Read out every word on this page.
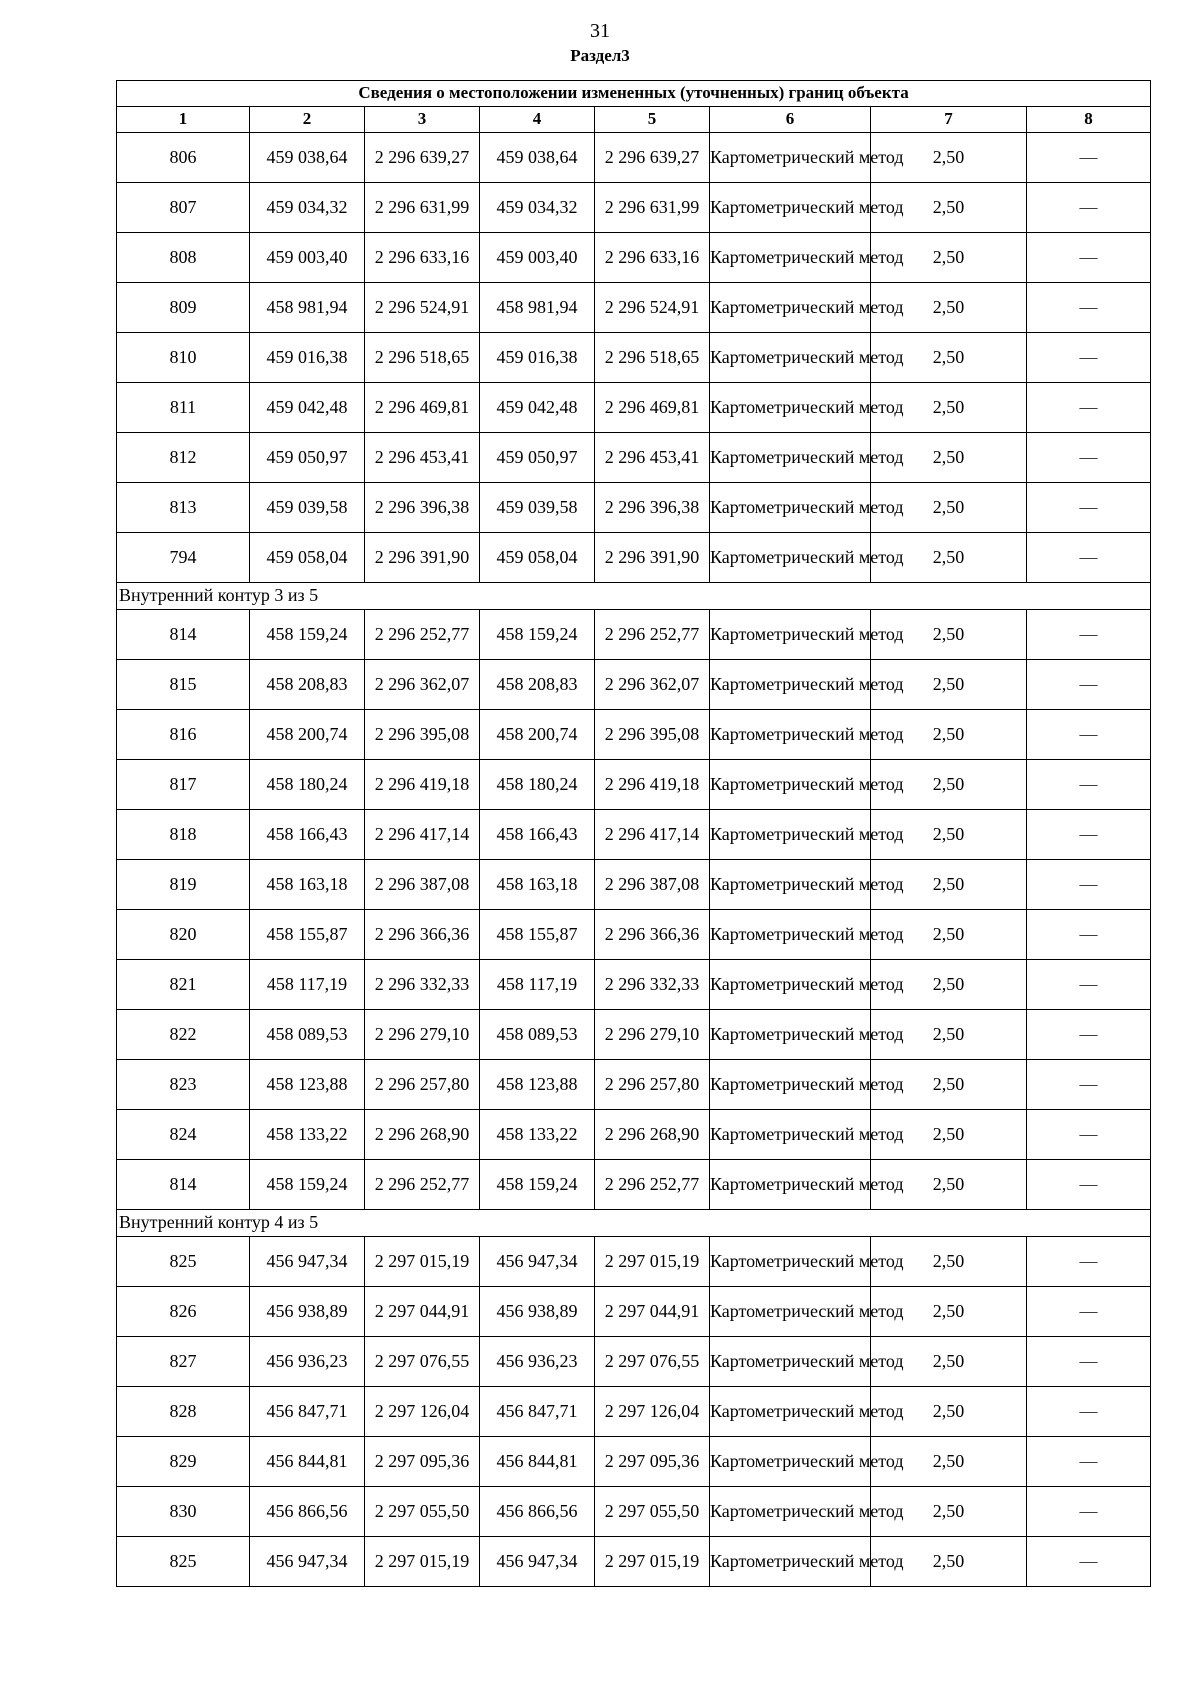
31
Раздел3
Сведения о местоположении измененных (уточненных) границ объекта							
1	2	3	4	5	6	7	8
806	459 038,64	2 296 639,27	459 038,64	2 296 639,27	Картометрический метод	2,50	—
807	459 034,32	2 296 631,99	459 034,32	2 296 631,99	Картометрический метод	2,50	—
808	459 003,40	2 296 633,16	459 003,40	2 296 633,16	Картометрический метод	2,50	—
809	458 981,94	2 296 524,91	458 981,94	2 296 524,91	Картометрический метод	2,50	—
810	459 016,38	2 296 518,65	459 016,38	2 296 518,65	Картометрический метод	2,50	—
811	459 042,48	2 296 469,81	459 042,48	2 296 469,81	Картометрический метод	2,50	—
812	459 050,97	2 296 453,41	459 050,97	2 296 453,41	Картометрический метод	2,50	—
813	459 039,58	2 296 396,38	459 039,58	2 296 396,38	Картометрический метод	2,50	—
794	459 058,04	2 296 391,90	459 058,04	2 296 391,90	Картометрический метод	2,50	—
Внутренний контур 3 из 5							
814	458 159,24	2 296 252,77	458 159,24	2 296 252,77	Картометрический метод	2,50	—
815	458 208,83	2 296 362,07	458 208,83	2 296 362,07	Картометрический метод	2,50	—
816	458 200,74	2 296 395,08	458 200,74	2 296 395,08	Картометрический метод	2,50	—
817	458 180,24	2 296 419,18	458 180,24	2 296 419,18	Картометрический метод	2,50	—
818	458 166,43	2 296 417,14	458 166,43	2 296 417,14	Картометрический метод	2,50	—
819	458 163,18	2 296 387,08	458 163,18	2 296 387,08	Картометрический метод	2,50	—
820	458 155,87	2 296 366,36	458 155,87	2 296 366,36	Картометрический метод	2,50	—
821	458 117,19	2 296 332,33	458 117,19	2 296 332,33	Картометрический метод	2,50	—
822	458 089,53	2 296 279,10	458 089,53	2 296 279,10	Картометрический метод	2,50	—
823	458 123,88	2 296 257,80	458 123,88	2 296 257,80	Картометрический метод	2,50	—
824	458 133,22	2 296 268,90	458 133,22	2 296 268,90	Картометрический метод	2,50	—
814	458 159,24	2 296 252,77	458 159,24	2 296 252,77	Картометрический метод	2,50	—
Внутренний контур 4 из 5							
825	456 947,34	2 297 015,19	456 947,34	2 297 015,19	Картометрический метод	2,50	—
826	456 938,89	2 297 044,91	456 938,89	2 297 044,91	Картометрический метод	2,50	—
827	456 936,23	2 297 076,55	456 936,23	2 297 076,55	Картометрический метод	2,50	—
828	456 847,71	2 297 126,04	456 847,71	2 297 126,04	Картометрический метод	2,50	—
829	456 844,81	2 297 095,36	456 844,81	2 297 095,36	Картометрический метод	2,50	—
830	456 866,56	2 297 055,50	456 866,56	2 297 055,50	Картометрический метод	2,50	—
825	456 947,34	2 297 015,19	456 947,34	2 297 015,19	Картометрический метод	2,50	—
